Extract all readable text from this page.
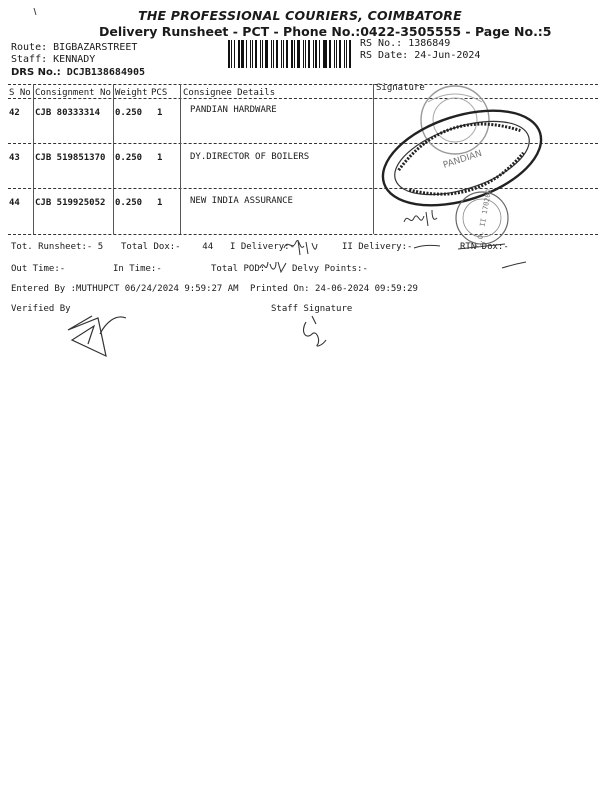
THE PROFESSIONAL COURIERS, COIMBATORE
Delivery Runsheet - PCT - Phone No.:0422-3505555 - Page No.:5
Route: BIGBAZARSTREET
Staff: KENNADY
DRS No.: DCJB138684905
RS No.: 1386849
RS Date: 24-Jun-2024
S No Consignment No Weight PCS Consignee Details	Signature
42 CJB 80333314 0.250 1	PANDIAN HARDWARE
43 CJB 519851370 0.250 1	DY.DIRECTOR OF BOILERS
44 CJB 519925052 0.250 1	NEW INDIA ASSURANCE
Tot. Runsheet:- 5 Total Dox:- 44 I Delivery:-	II Delivery:-	RTN Dox:-
Out Time:-	In Time:-	Total POD:	Delvy Points:-
Entered By :MUTHUPCT 06/24/2024 9:59:27 AM Printed On: 24-06-2024 09:59:29
Verified By	Staff Signature
PANDIAN
D.O. II 170200
